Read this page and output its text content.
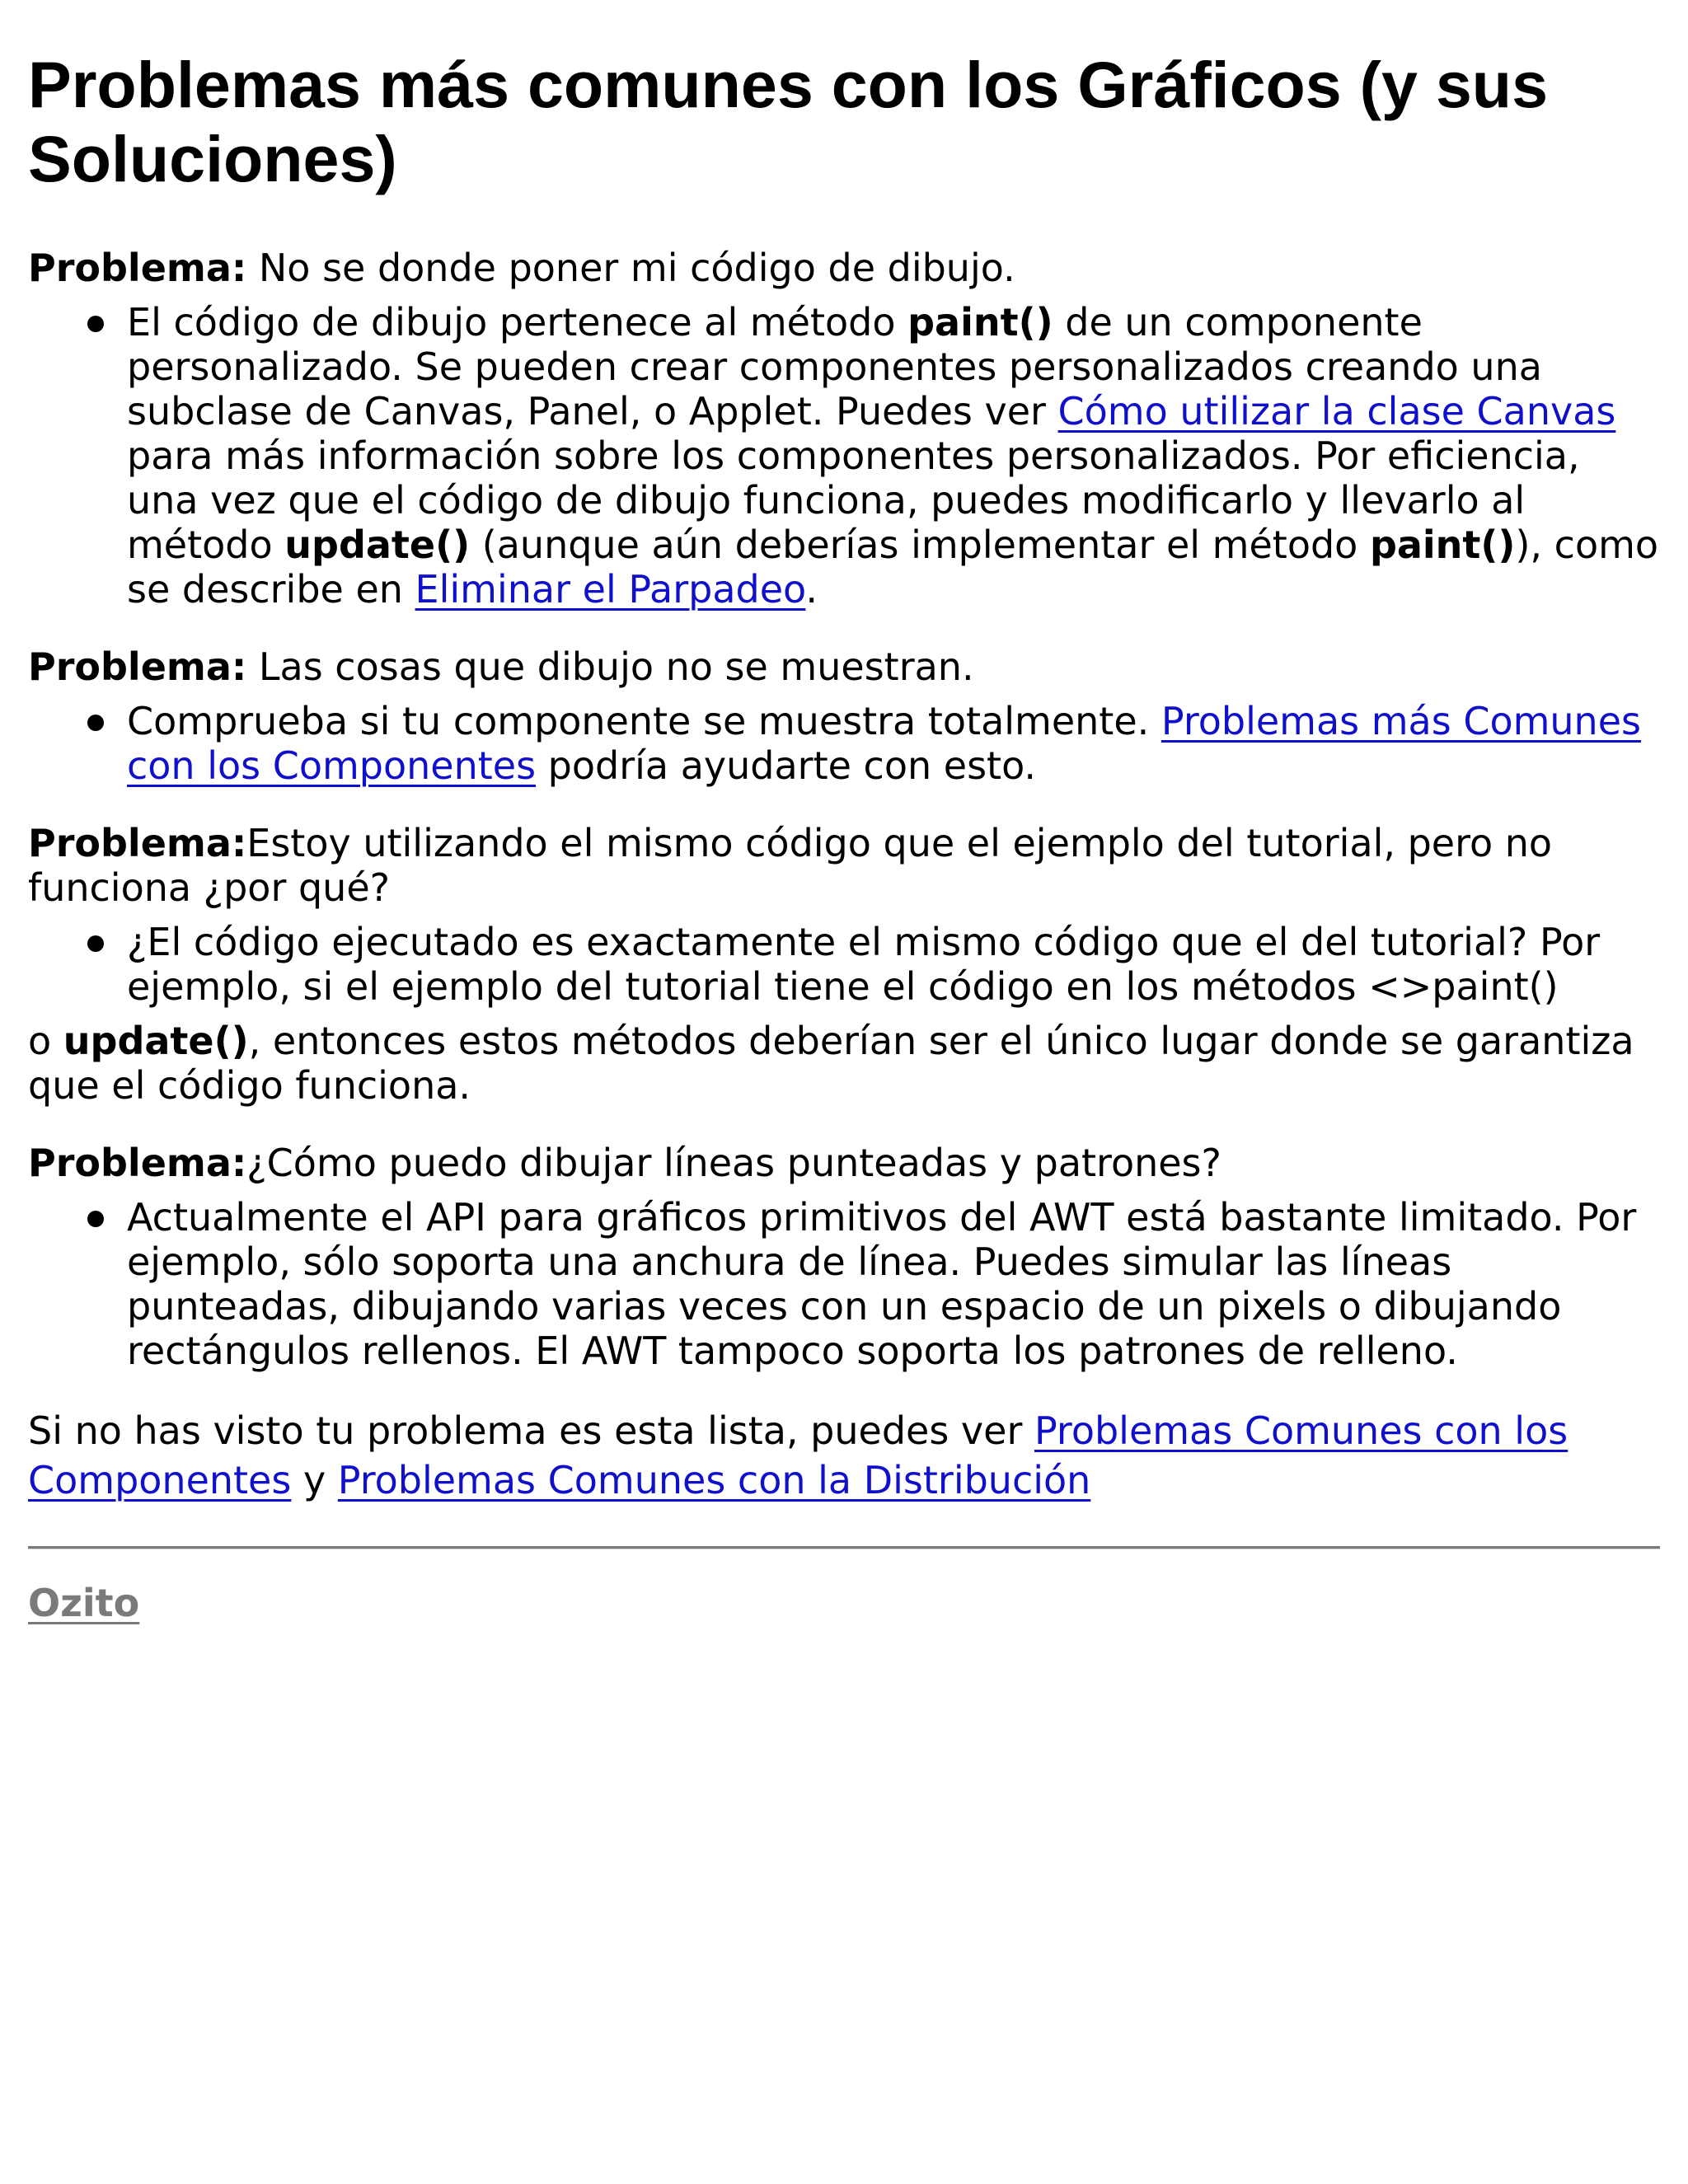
Problemas más comunes con los Gráficos (y sus Soluciones)

Problema: No se donde poner mi código de dibujo.

El código de dibujo pertenece al método paint() de un componente personalizado. Se pueden crear componentes personalizados creando una subclase de Canvas, Panel, o Applet. Puedes ver Cómo utilizar la clase Canvas para más información sobre los componentes personalizados. Por eficiencia, una vez que el código de dibujo funciona, puedes modificarlo y llevarlo al método update() (aunque aún deberías implementar el método paint()), como se describe en Eliminar el Parpadeo.

Problema: Las cosas que dibujo no se muestran.

Comprueba si tu componente se muestra totalmente. Problemas más Comunes con los Componentes podría ayudarte con esto.

Problema:Estoy utilizando el mismo código que el ejemplo del tutorial, pero no funciona ¿por qué?

¿El código ejecutado es exactamente el mismo código que el del tutorial? Por ejemplo, si el ejemplo del tutorial tiene el código en los métodos <>paint()

o update(), entonces estos métodos deberían ser el único lugar donde se garantiza que el código funciona.

Problema:¿Cómo puedo dibujar líneas punteadas y patrones?

Actualmente el API para gráficos primitivos del AWT está bastante limitado. Por ejemplo, sólo soporta una anchura de línea. Puedes simular las líneas punteadas, dibujando varias veces con un espacio de un pixels o dibujando rectángulos rellenos. El AWT tampoco soporta los patrones de relleno.

Si no has visto tu problema es esta lista, puedes ver Problemas Comunes con los Componentes y Problemas Comunes con la Distribución

Ozito
